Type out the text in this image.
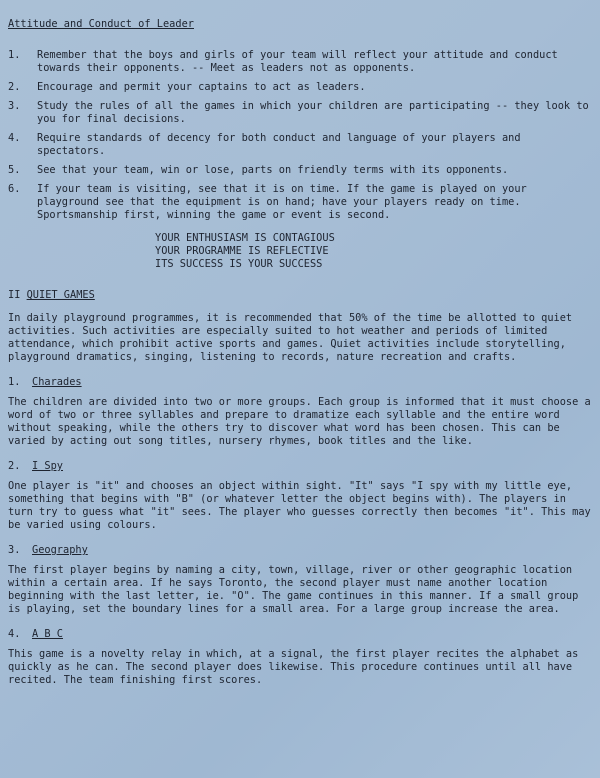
Attitude and Conduct of Leader
1.	Remember that the boys and girls of your team will reflect your attitude and conduct towards their opponents. -- Meet as leaders not as opponents.
2.	Encourage and permit your captains to act as leaders.
3.	Study the rules of all the games in which your children are participating -- they look to you for final decisions.
4.	Require standards of decency for both conduct and language of your players and spectators.
5.	See that your team, win or lose, parts on friendly terms with its opponents.
6.	If your team is visiting, see that it is on time. If the game is played on your playground see that the equipment is on hand; have your players ready on time. Sportsmanship first, winning the game or event is second.
YOUR ENTHUSIASM IS CONTAGIOUS
YOUR PROGRAMME IS REFLECTIVE
ITS SUCCESS IS YOUR SUCCESS
II QUIET GAMES

In daily playground programmes, it is recommended that 50% of the time be allotted to quiet activities. Such activities are especially suited to hot weather and periods of limited attendance, which prohibit active sports and games. Quiet activities include storytelling, playground dramatics, singing, listening to records, nature recreation and crafts.

1.	Charades

The children are divided into two or more groups. Each group is informed that it must choose a word of two or three syllables and prepare to dramatize each syllable and the entire word without speaking, while the others try to discover what word has been chosen. This can be varied by acting out song titles, nursery rhymes, book titles and the like.

2.	I Spy

One player is "it" and chooses an object within sight. "It" says "I spy with my little eye, something that begins with "B" (or whatever letter the object begins with). The players in turn try to guess what "it" sees. The player who guesses correctly then becomes "it". This may be varied using colours.

3.	Geography

The first player begins by naming a city, town, village, river or other geographic location within a certain area. If he says Toronto, the second player must name another location beginning with the last letter, ie. "O". The game continues in this manner. If a small group is playing, set the boundary lines for a small area. For a large group increase the area.

4.	A B C

This game is a novelty relay in which, at a signal, the first player recites the alphabet as quickly as he can. The second player does likewise. This procedure continues until all have recited. The team finishing first scores.
